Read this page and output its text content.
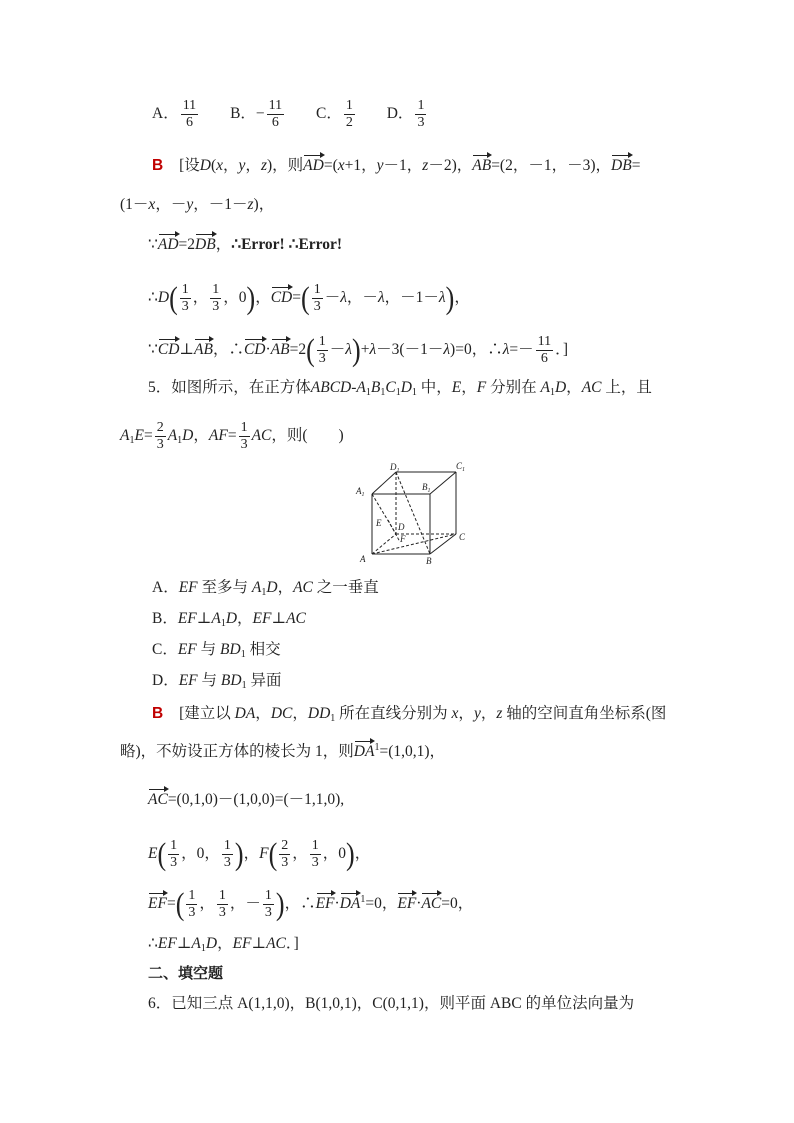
A． $\frac{11}{6}$ B．− $\frac{11}{6}$ C． $\frac{1}{2}$ D． $\frac{1}{3}$
B [设D(x，y，z)，则AD=(x+1，y－1，z－2)，AB=(2，－1，－3)，DB=
(1－x，－y，－1－z)，
∵AD=2DB，∴Error! ∴Error!
∴D( $\frac{1}{3}$ ， $\frac{1}{3}$ ，0)，$CD=( \frac{1}{3} -\lambda$，－λ，－1－λ)，
∵CD⊥AB，∴CD·AB=2( $\frac{1}{3} -\lambda)+\lambda-3(-1-\lambda)=0$，∴λ=－ $\frac{11}{6}$ ．]
5．如图所示，在正方体ABCD-$A_1B_1C_1D_1$ 中，E，F 分别在 $A_1D$，AC 上，且
$A_1E= \frac{2}{3} A_1D$，$AF= \frac{1}{3}$ AC，则(　　)
$D_1$	$C_1$
$A_1$
$B_1$
E D
F	C
A	B
A．EF 至多与 $A_1D$，AC 之一垂直
B．$EF\perp A_1D$，EF⊥AC
C．EF 与 $BD_1$ 相交
D．EF 与 $BD_1$ 异面
B [建立以 DA，DC，$DD_1$ 所在直线分别为 x，y，z 轴的空间直角坐标系(图
略)，不妨设正方体的棱长为 1，则$DA^1=(1,0,1)$，
AC=(0,1,0)－(1,0,0)=(－1,1,0),
$E( \frac{1}{3}$ ，0， $\frac{1}{3}$ )，$F( \frac{2}{3}$ ， $\frac{1}{3}$ ，0)，
$EF=( \frac{1}{3}$ ， $\frac{1}{3}$ ，－ $\frac{1}{3}$ )，$\therefore EF\cdot DA^1=0$，EF·AC=0，
$\therefore EF\perp A_1D$，EF⊥AC．]
二、填空题
6．已知三点 A(1,1,0)，B(1,0,1)，C(0,1,1)，则平面 ABC 的单位法向量为
